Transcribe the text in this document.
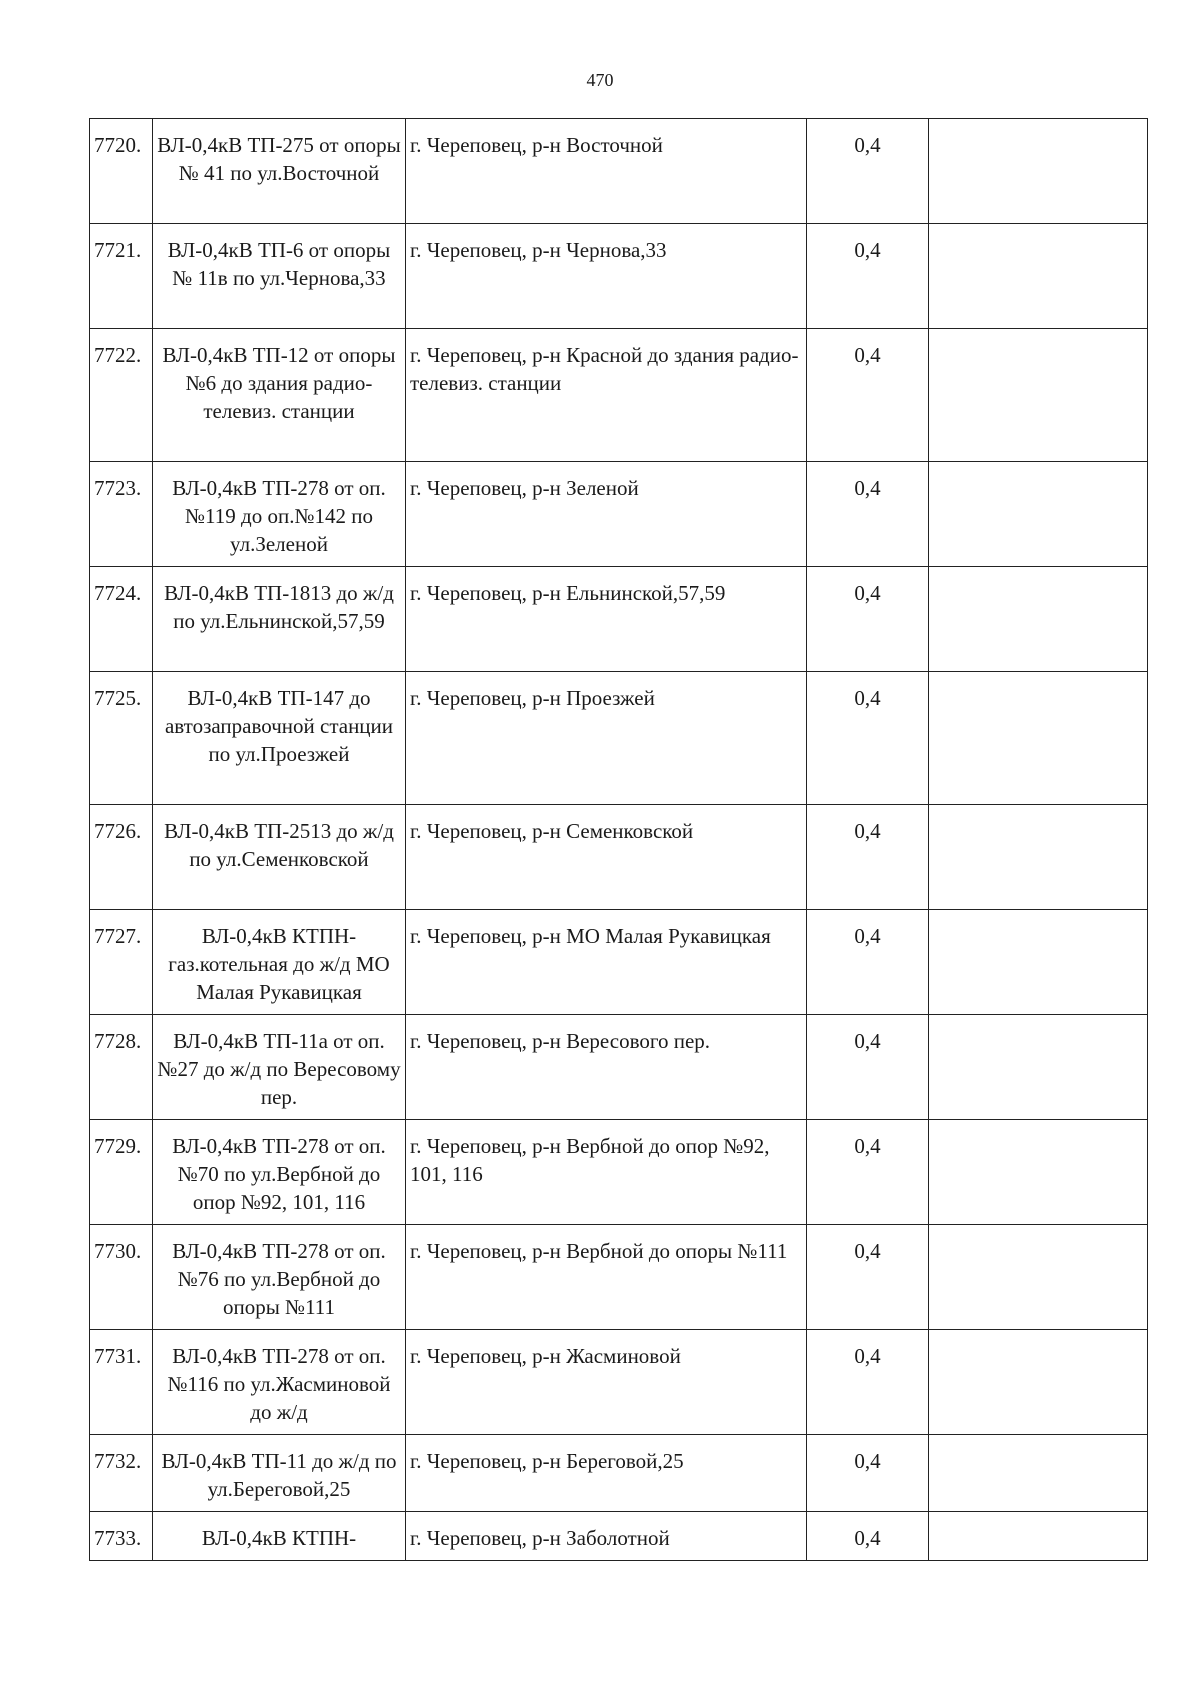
470
7720.	ВЛ-0,4кВ ТП-275 от опоры № 41 по ул.Восточной	г. Череповец, р-н Восточной	0,4	
7721.	ВЛ-0,4кВ ТП-6 от опоры № 11в по ул.Чернова,33	г. Череповец, р-н Чернова,33	0,4	
7722.	ВЛ-0,4кВ ТП-12 от опоры №6 до здания радио-телевиз. станции	г. Череповец, р-н Красной до здания радио-телевиз. станции	0,4	
7723.	ВЛ-0,4кВ ТП-278 от оп.№119 до оп.№142 по ул.Зеленой	г. Череповец, р-н Зеленой	0,4	
7724.	ВЛ-0,4кВ ТП-1813 до ж/д по ул.Ельнинской,57,59	г. Череповец, р-н Ельнинской,57,59	0,4	
7725.	ВЛ-0,4кВ ТП-147 до автозаправочной станции по ул.Проезжей	г. Череповец, р-н Проезжей	0,4	
7726.	ВЛ-0,4кВ ТП-2513 до ж/д по ул.Семенковской	г. Череповец, р-н Семенковской	0,4	
7727.	ВЛ-0,4кВ КТПН-газ.котельная до ж/д МО Малая Рукавицкая	г. Череповец, р-н МО Малая Рукавицкая	0,4	
7728.	ВЛ-0,4кВ ТП-11а от оп.№27 до ж/д по Вересовому пер.	г. Череповец, р-н Вересового пер.	0,4	
7729.	ВЛ-0,4кВ ТП-278 от оп.№70 по ул.Вербной до опор №92, 101, 116	г. Череповец, р-н Вербной до опор №92, 101, 116	0,4	
7730.	ВЛ-0,4кВ ТП-278 от оп.№76 по ул.Вербной до опоры №111	г. Череповец, р-н Вербной до опоры №111	0,4	
7731.	ВЛ-0,4кВ ТП-278 от оп.№116 по ул.Жасминовой до ж/д	г. Череповец, р-н Жасминовой	0,4	
7732.	ВЛ-0,4кВ ТП-11 до ж/д по ул.Береговой,25	г. Череповец, р-н Береговой,25	0,4	
7733.	ВЛ-0,4кВ КТПН-	г. Череповец, р-н Заболотной	0,4	
